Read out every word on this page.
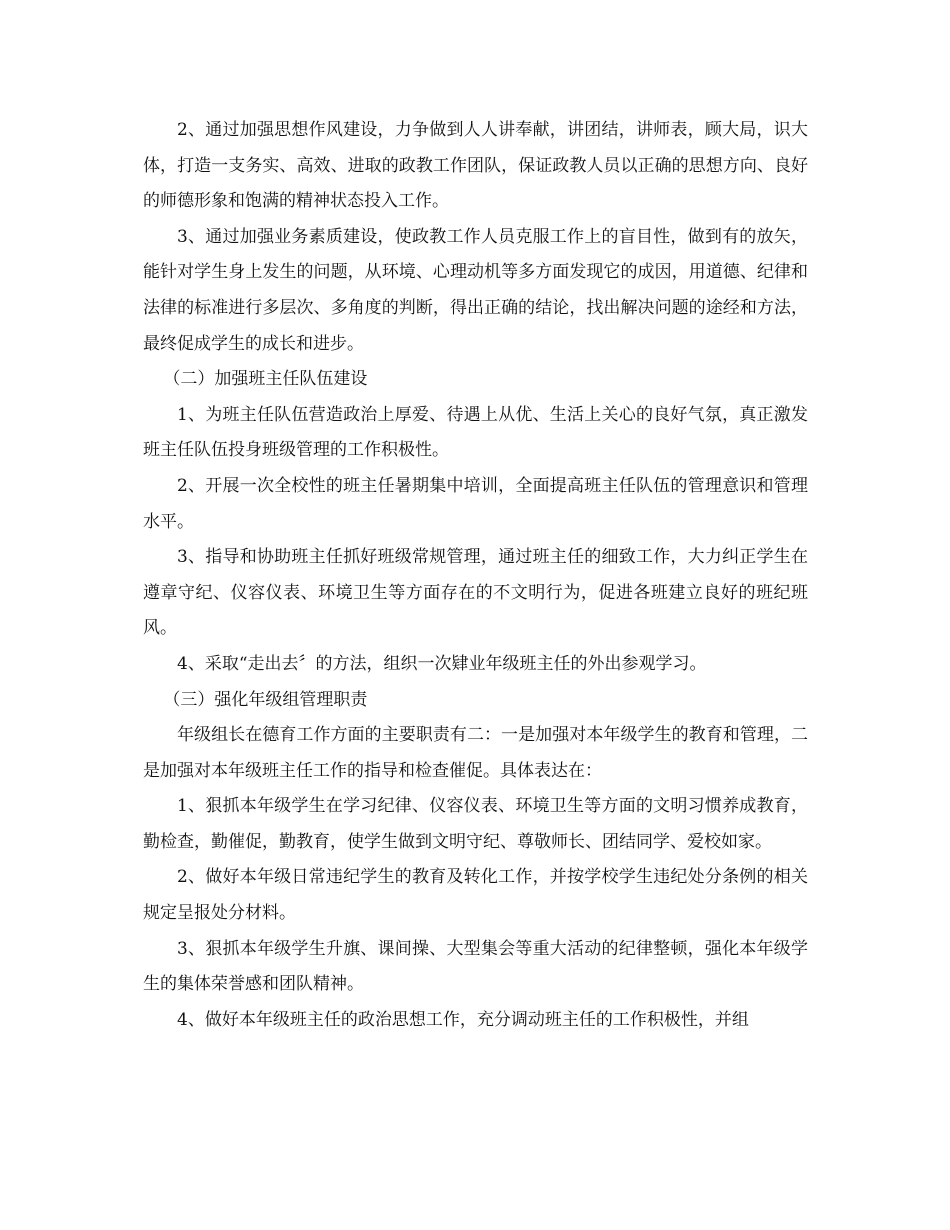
2、通过加强思想作风建设，力争做到人人讲奉献，讲团结，讲师表，顾大局，识大体，打造一支务实、高效、进取的政教工作团队，保证政教人员以正确的思想方向、良好的师德形象和饱满的精神状态投入工作。

3、通过加强业务素质建设，使政教工作人员克服工作上的盲目性，做到有的放矢，能针对学生身上发生的问题，从环境、心理动机等多方面发现它的成因，用道德、纪律和法律的标准进行多层次、多角度的判断，得出正确的结论，找出解决问题的途经和方法，最终促成学生的成长和进步。

（二）加强班主任队伍建设

1、为班主任队伍营造政治上厚爱、待遇上从优、生活上关心的良好气氛，真正激发班主任队伍投身班级管理的工作积极性。

2、开展一次全校性的班主任暑期集中培训，全面提高班主任队伍的管理意识和管理水平。

3、指导和协助班主任抓好班级常规管理，通过班主任的细致工作，大力纠正学生在遵章守纪、仪容仪表、环境卫生等方面存在的不文明行为，促进各班建立良好的班纪班风。

4、采取“走出去〞的方法，组织一次肄业年级班主任的外出参观学习。

（三）强化年级组管理职责

年级组长在德育工作方面的主要职责有二：一是加强对本年级学生的教育和管理，二是加强对本年级班主任工作的指导和检查催促。具体表达在：

1、狠抓本年级学生在学习纪律、仪容仪表、环境卫生等方面的文明习惯养成教育，勤检查，勤催促，勤教育，使学生做到文明守纪、尊敬师长、团结同学、爱校如家。

2、做好本年级日常违纪学生的教育及转化工作，并按学校学生违纪处分条例的相关规定呈报处分材料。

3、狠抓本年级学生升旗、课间操、大型集会等重大活动的纪律整顿，强化本年级学生的集体荣誉感和团队精神。

4、做好本年级班主任的政治思想工作，充分调动班主任的工作积极性，并组
